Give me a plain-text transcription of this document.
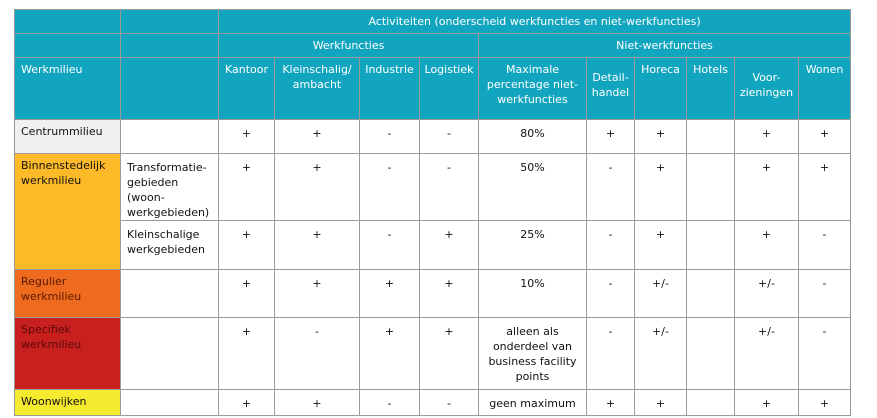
		Activiteiten (onderscheid werkfuncties en niet-werkfuncties)									
		Werkfuncties				Niet-werkfuncties					
Werkmilieu		Kantoor	Kleinschalig/ ambacht	Industrie	Logistiek	Maximale percentage niet-werkfuncties	Detail- handel	Horeca	Hotels	Voor- zieningen	Wonen
Centrummilieu		+	+	-	-	80%	+	+		+	+
Binnenstedelijk werkmilieu	Transformatie- gebieden (woon- werkgebieden)	+	+	-	-	50%	-	+		+	+
	Kleinschalige werkgebieden	+	+	-	+	25%	-	+		+	-
Regulier werkmilieu		+	+	+	+	10%	-	+/-		+/-	-
Specifiek werkmilieu		+	-	+	+	alleen als onderdeel van business facility points	-	+/-		+/-	-
Woonwijken		+	+	-	-	geen maximum	+	+		+	+
